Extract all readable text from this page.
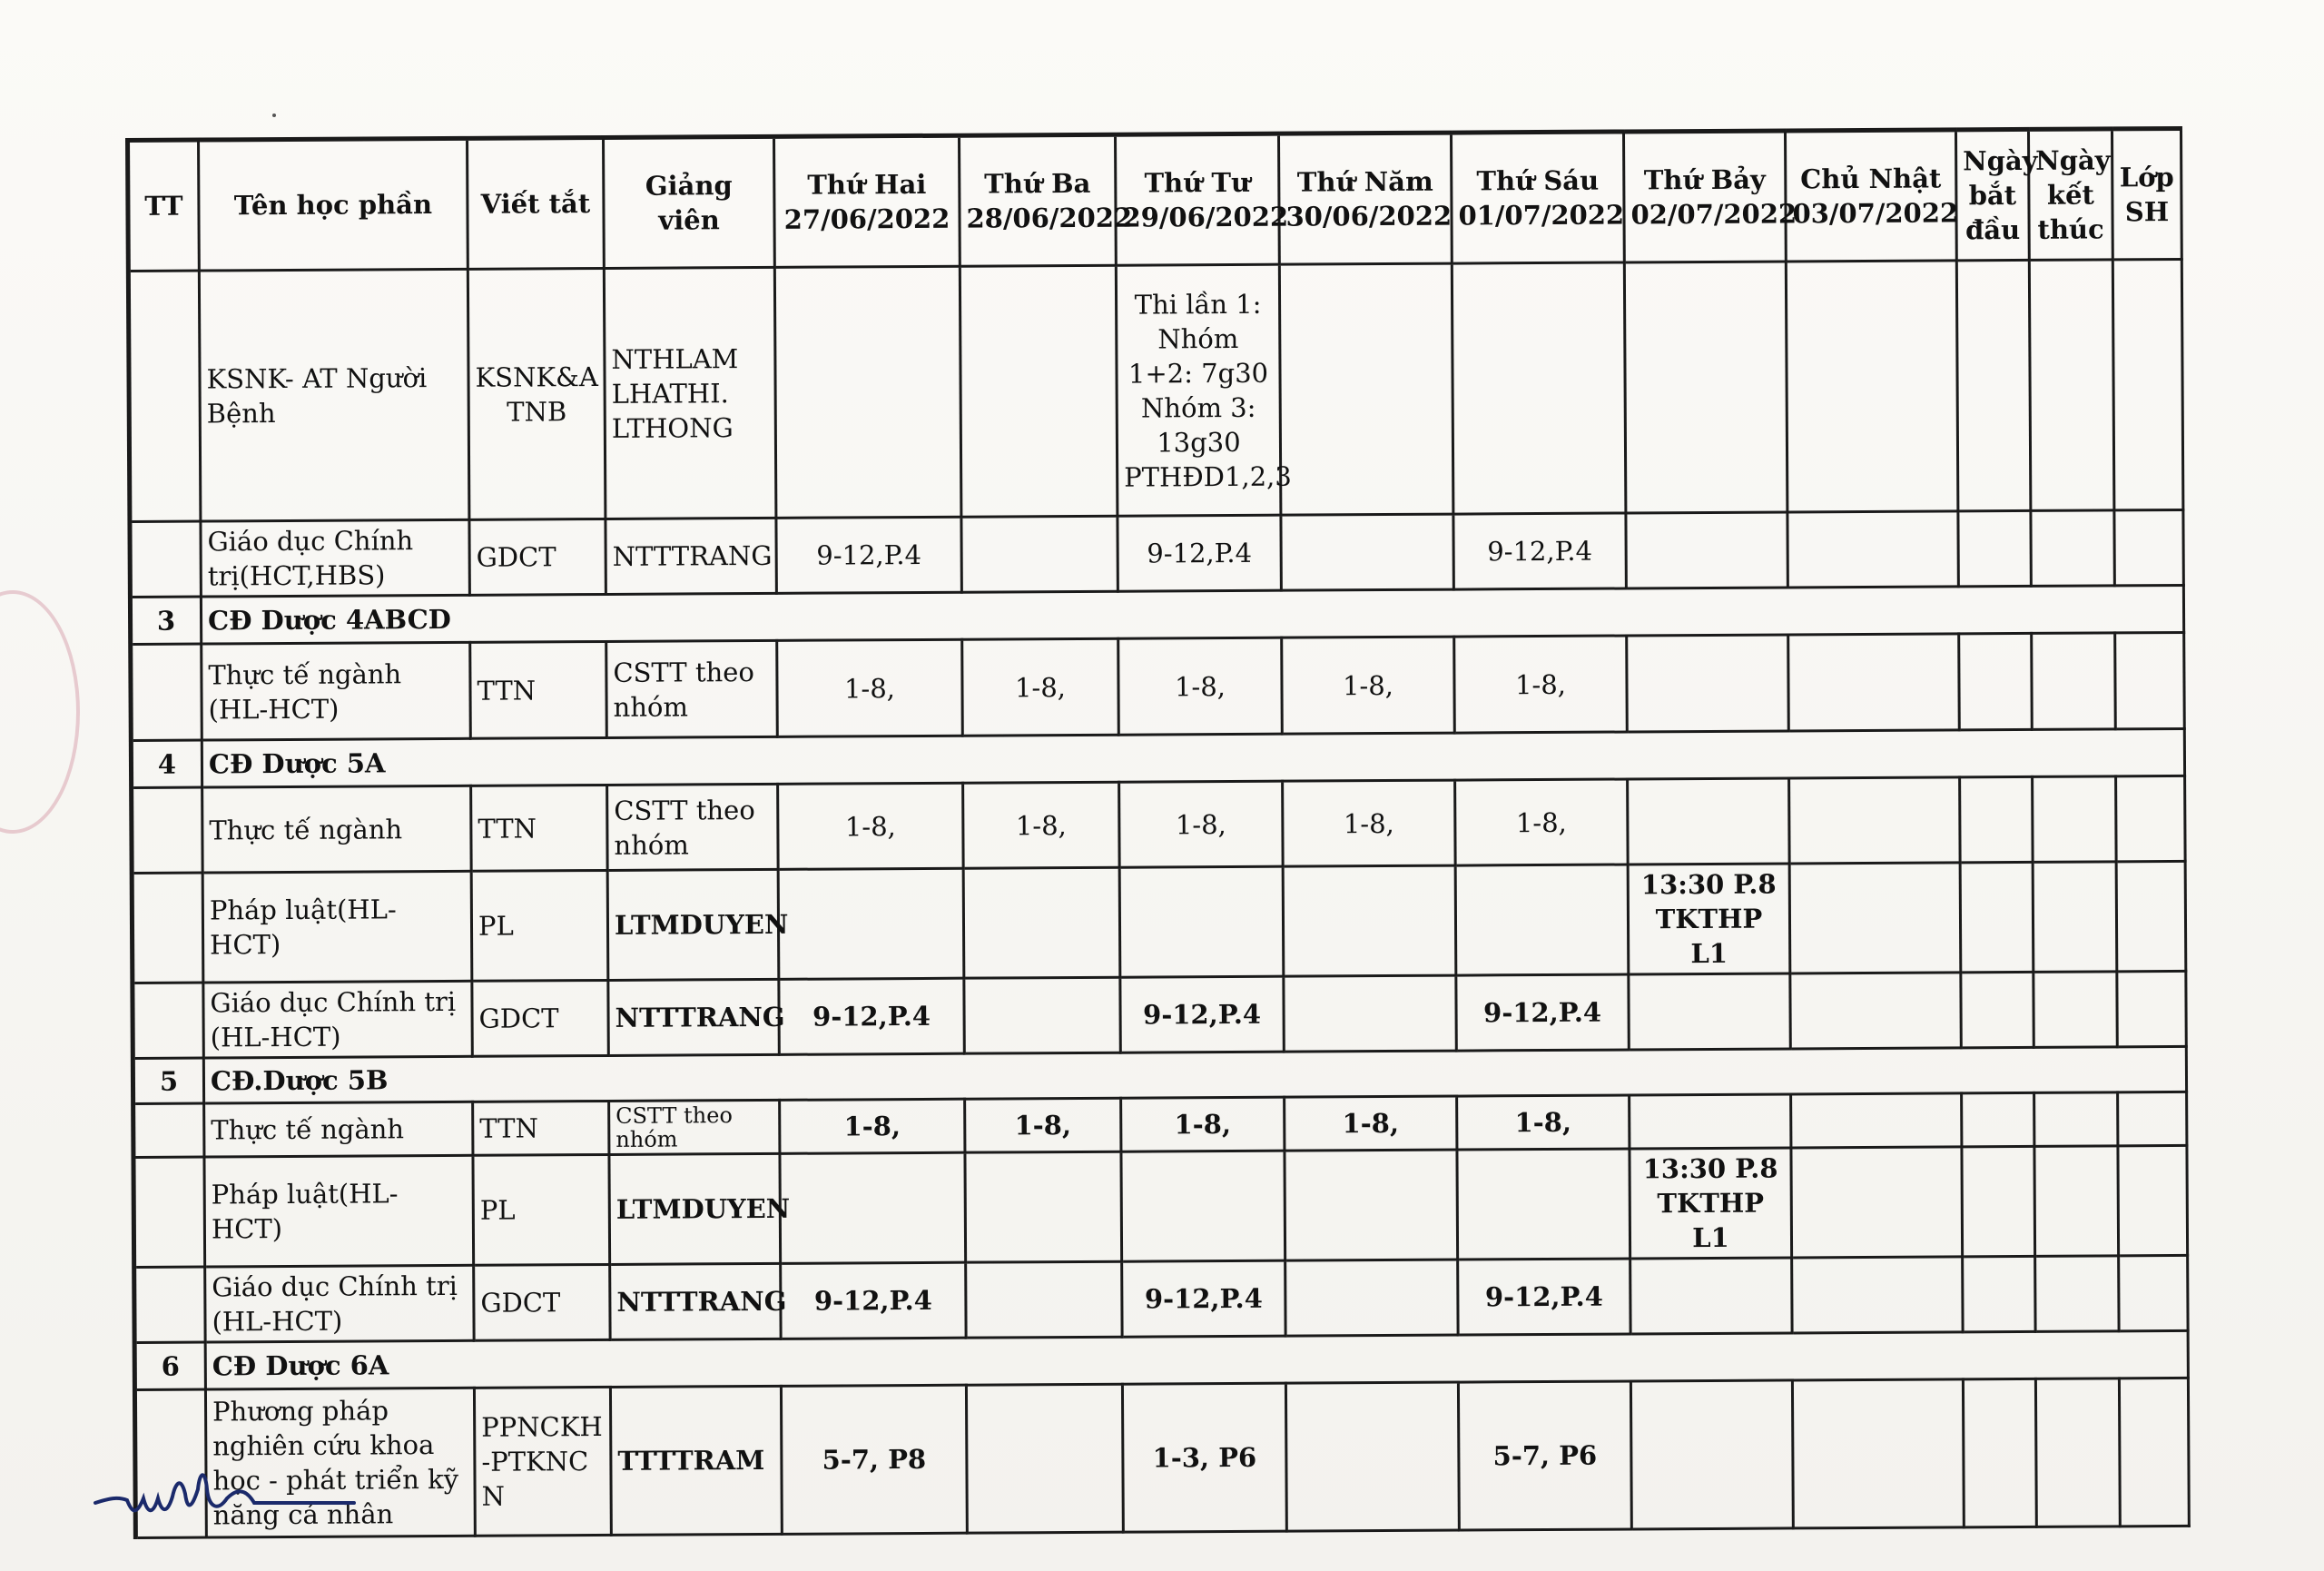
TT	Tên học phần	Viết tắt	Giảng viên	Thứ Hai 27/06/2022	Thứ Ba 28/06/2022	Thứ Tư 29/06/2022	Thứ Năm 30/06/2022	Thứ Sáu 01/07/2022	Thứ Bảy 02/07/2022	Chủ Nhật 03/07/2022	Ngày bắt đầu	Ngày kết thúc	Lớp SH
	KSNK- AT Người Bệnh	KSNK&A TNB	NTHLAM LHATHI. LTHONG			Thi lần 1: Nhóm 1+2: 7g30 Nhóm 3: 13g30 PTHĐD1,2,3							
	Giáo dục Chính trị(HCT,HBS)	GDCT	NTTTRANG	9-12,P.4		9-12,P.4		9-12,P.4					
3	CĐ Dược 4ABCD												
	Thực tế ngành (HL-HCT)	TTN	CSTT theo nhóm	1-8,	1-8,	1-8,	1-8,	1-8,					
4	CĐ Dược 5A												
	Thực tế ngành	TTN	CSTT theo nhóm	1-8,	1-8,	1-8,	1-8,	1-8,					
	Pháp luật(HL-HCT)	PL	LTMDUYEN						13:30 P.8 TKTHP L1				
	Giáo dục Chính trị (HL-HCT)	GDCT	NTTTRANG	9-12,P.4		9-12,P.4		9-12,P.4					
5	CĐ.Dược 5B												
	Thực tế ngành	TTN	CSTT theo nhóm	1-8,	1-8,	1-8,	1-8,	1-8,					
	Pháp luật(HL-HCT)	PL	LTMDUYEN						13:30 P.8 TKTHP L1				
	Giáo dục Chính trị (HL-HCT)	GDCT	NTTTRANG	9-12,P.4		9-12,P.4		9-12,P.4					
6	CĐ Dược 6A												
	Phương pháp nghiên cứu khoa học - phát triển kỹ năng cá nhân	PPNCKH-PTKNCN	TTTTRAM	5-7, P8		1-3, P6		5-7, P6					
